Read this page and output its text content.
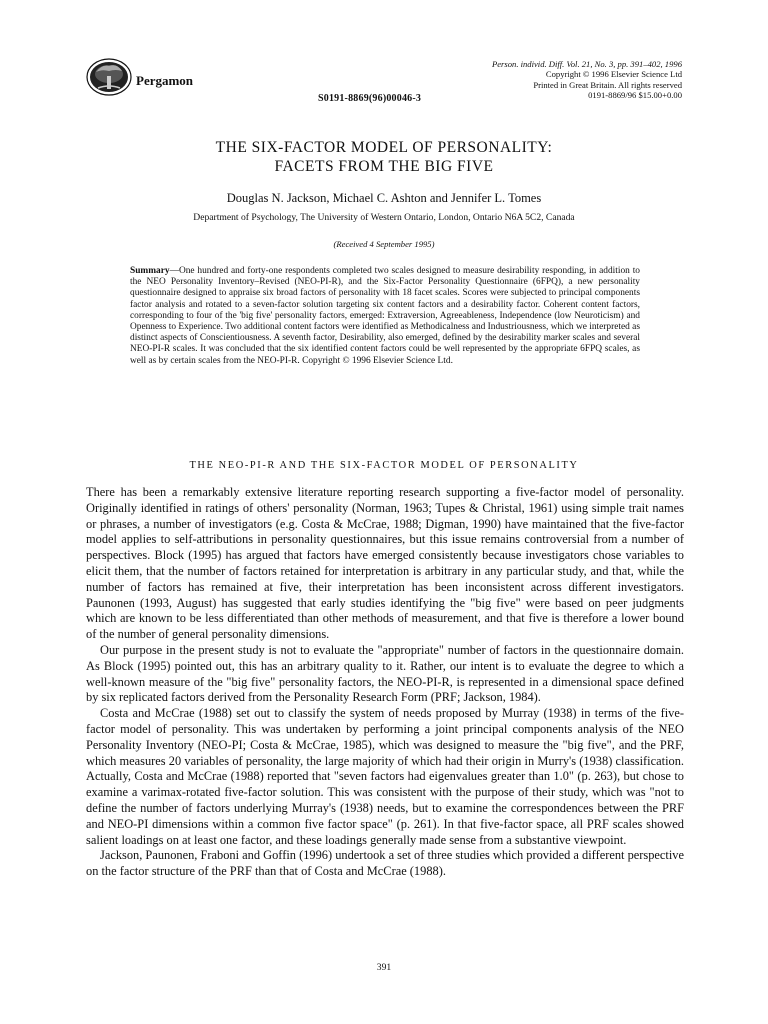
Pergamon
Person. individ. Diff. Vol. 21, No. 3, pp. 391–402, 1996
Copyright © 1996 Elsevier Science Ltd
Printed in Great Britain. All rights reserved
0191-8869/96 $15.00+0.00
S0191-8869(96)00046-3
THE SIX-FACTOR MODEL OF PERSONALITY:
FACETS FROM THE BIG FIVE
Douglas N. Jackson, Michael C. Ashton and Jennifer L. Tomes
Department of Psychology, The University of Western Ontario, London, Ontario N6A 5C2, Canada
(Received 4 September 1995)
Summary—One hundred and forty-one respondents completed two scales designed to measure desirability responding, in addition to the NEO Personality Inventory–Revised (NEO-PI-R), and the Six-Factor Personality Questionnaire (6FPQ), a new personality questionnaire designed to appraise six broad factors of personality with 18 facet scales. Scores were subjected to principal components factor analysis and rotated to a seven-factor solution targeting six content factors and a desirability factor. Coherent content factors, corresponding to four of the 'big five' personality factors, emerged: Extraversion, Agreeableness, Independence (low Neuroticism) and Openness to Experience. Two additional content factors were identified as Methodicalness and Industriousness, which we interpreted as distinct aspects of Conscientiousness. A seventh factor, Desirability, also emerged, defined by the desirability marker scales and several NEO-PI-R scales. It was concluded that the six identified content factors could be well represented by the appropriate 6FPQ scales, as well as by certain scales from the NEO-PI-R. Copyright © 1996 Elsevier Science Ltd.
THE NEO-PI-R AND THE SIX-FACTOR MODEL OF PERSONALITY

There has been a remarkably extensive literature reporting research supporting a five-factor model of personality. Originally identified in ratings of others' personality (Norman, 1963; Tupes & Christal, 1961) using simple trait names or phrases, a number of investigators (e.g. Costa & McCrae, 1988; Digman, 1990) have maintained that the five-factor model applies to self-attributions in personality questionnaires, but this issue remains controversial from a number of perspectives. Block (1995) has argued that factors have emerged consistently because investigators chose variables to elicit them, that the number of factors retained for interpretation is arbitrary in any particular study, and that, while the number of factors has remained at five, their interpretation has been inconsistent across different investigators. Paunonen (1993, August) has suggested that early studies identifying the "big five" were based on peer judgments which are known to be less differentiated than other methods of measurement, and that five is therefore a lower bound of the number of general personality dimensions.

Our purpose in the present study is not to evaluate the "appropriate" number of factors in the questionnaire domain. As Block (1995) pointed out, this has an arbitrary quality to it. Rather, our intent is to evaluate the degree to which a well-known measure of the "big five" personality factors, the NEO-PI-R, is represented in a dimensional space defined by six replicated factors derived from the Personality Research Form (PRF; Jackson, 1984).

Costa and McCrae (1988) set out to classify the system of needs proposed by Murray (1938) in terms of the five-factor model of personality. This was undertaken by performing a joint principal components analysis of the NEO Personality Inventory (NEO-PI; Costa & McCrae, 1985), which was designed to measure the "big five", and the PRF, which measures 20 variables of personality, the large majority of which had their origin in Murry's (1938) classification. Actually, Costa and McCrae (1988) reported that "seven factors had eigenvalues greater than 1.0" (p. 263), but chose to examine a varimax-rotated five-factor solution. This was consistent with the purpose of their study, which was "not to define the number of factors underlying Murray's (1938) needs, but to examine the correspondences between the PRF and NEO-PI dimensions within a common five factor space" (p. 261). In that five-factor space, all PRF scales showed salient loadings on at least one factor, and these loadings generally made sense from a substantive viewpoint.

Jackson, Paunonen, Fraboni and Goffin (1996) undertook a set of three studies which provided a different perspective on the factor structure of the PRF than that of Costa and McCrae (1988).

391
